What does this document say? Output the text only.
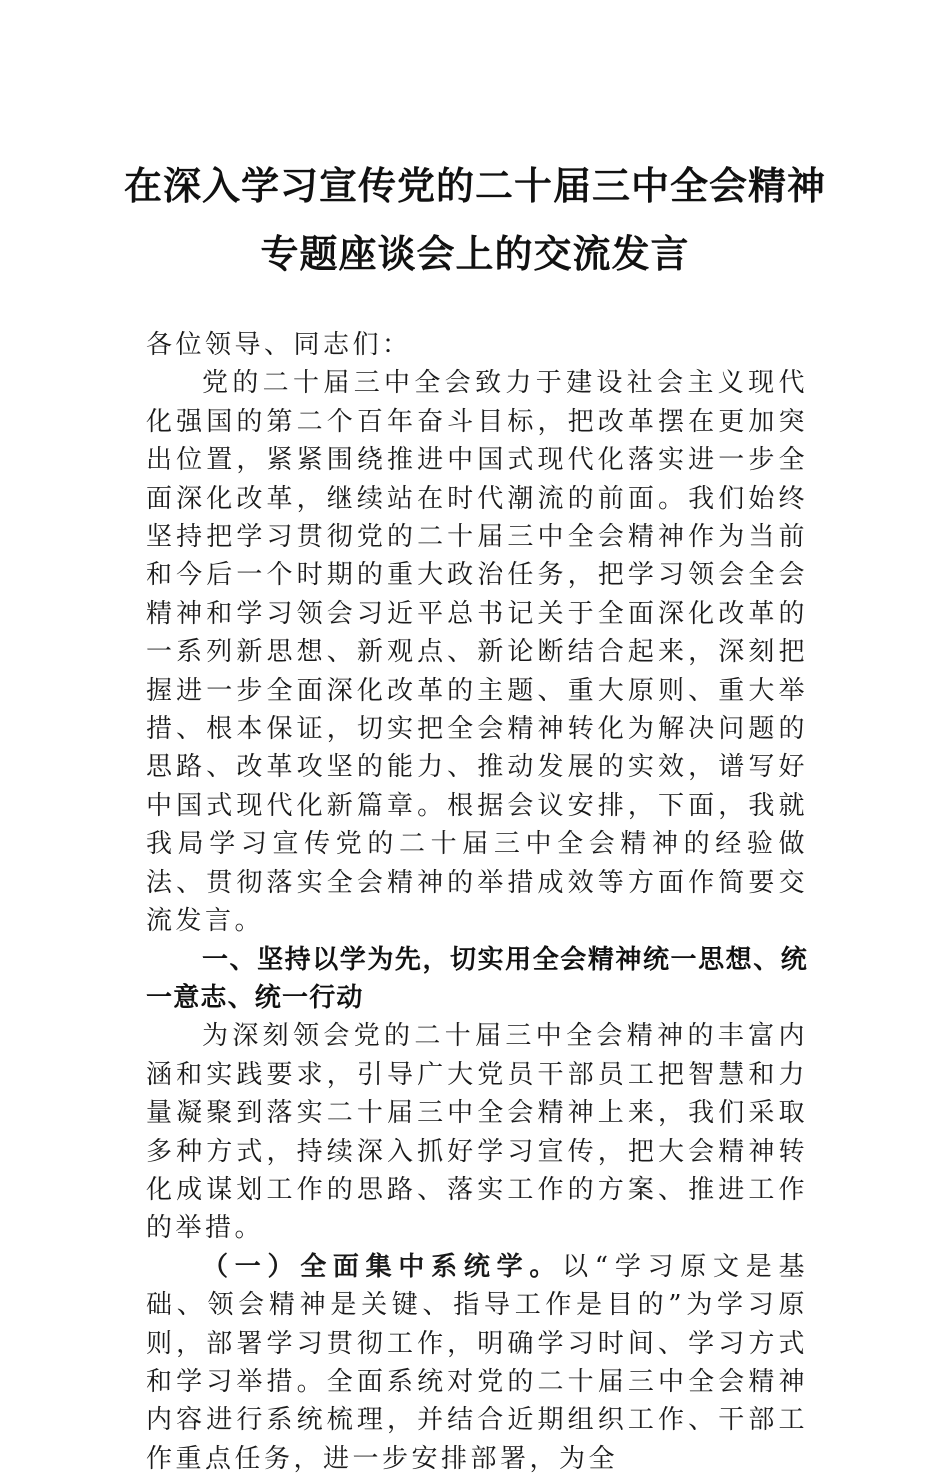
在深入学习宣传党的二十届三中全会精神
专题座谈会上的交流发言

各位领导、同志们：

党的二十届三中全会致力于建设社会主义现代化强国的第二个百年奋斗目标，把改革摆在更加突出位置，紧紧围绕推进中国式现代化落实进一步全面深化改革，继续站在时代潮流的前面。我们始终坚持把学习贯彻党的二十届三中全会精神作为当前和今后一个时期的重大政治任务，把学习领会全会精神和学习领会习近平总书记关于全面深化改革的一系列新思想、新观点、新论断结合起来，深刻把握进一步全面深化改革的主题、重大原则、重大举措、根本保证，切实把全会精神转化为解决问题的思路、改革攻坚的能力、推动发展的实效，谱写好中国式现代化新篇章。根据会议安排，下面，我就我局学习宣传党的二十届三中全会精神的经验做法、贯彻落实全会精神的举措成效等方面作简要交流发言。

一、坚持以学为先，切实用全会精神统一思想、统一意志、统一行动

为深刻领会党的二十届三中全会精神的丰富内涵和实践要求，引导广大党员干部员工把智慧和力量凝聚到落实二十届三中全会精神上来，我们采取多种方式，持续深入抓好学习宣传，把大会精神转化成谋划工作的思路、落实工作的方案、推进工作的举措。

（一）全面集中系统学。以“学习原文是基础、领会精神是关键、指导工作是目的”为学习原则，部署学习贯彻工作，明确学习时间、学习方式和学习举措。全面系统对党的二十届三中全会精神内容进行系统梳理，并结合近期组织工作、干部工作重点任务，进一步安排部署，为全
